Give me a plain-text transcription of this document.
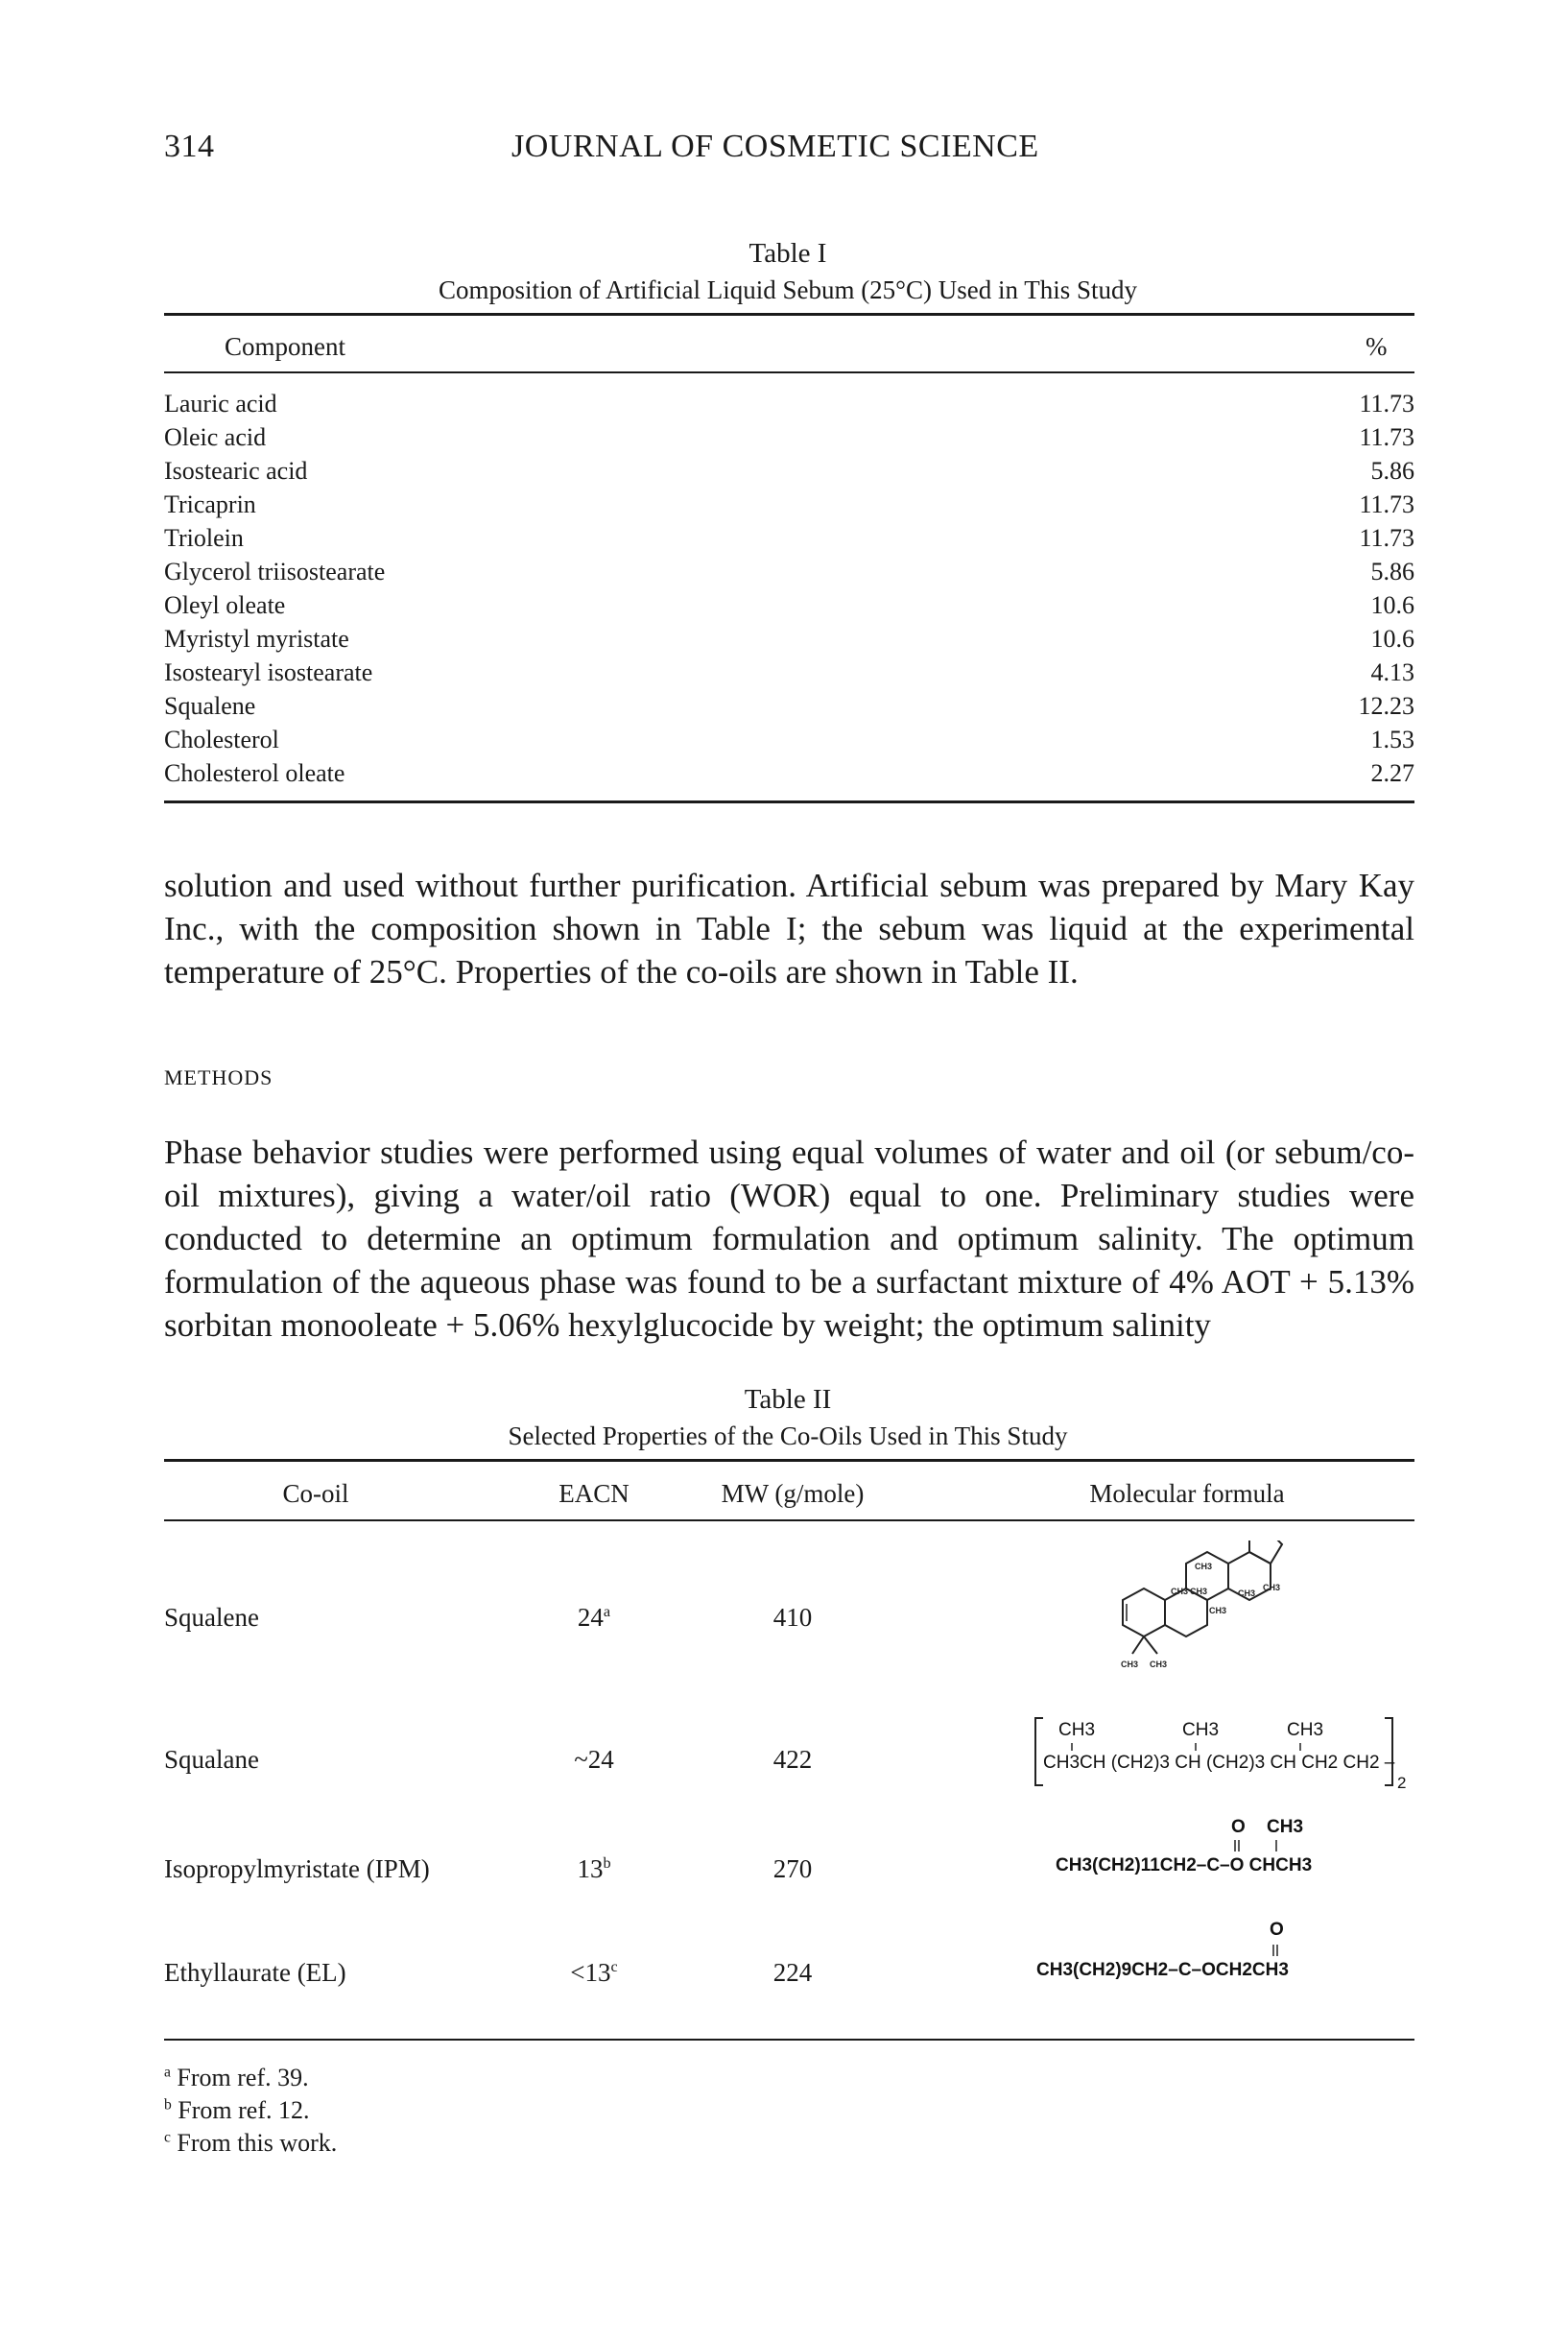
314	JOURNAL OF COSMETIC SCIENCE
Table I
Composition of Artificial Liquid Sebum (25°C) Used in This Study
Component	%
Lauric acid	11.73
Oleic acid	11.73
Isostearic acid	5.86
Tricaprin	11.73
Triolein	11.73
Glycerol triisostearate	5.86
Oleyl oleate	10.6
Myristyl myristate	10.6
Isostearyl isostearate	4.13
Squalene	12.23
Cholesterol	1.53
Cholesterol oleate	2.27

solution and used without further purification. Artificial sebum was prepared by Mary Kay Inc., with the composition shown in Table I; the sebum was liquid at the experimental temperature of 25°C. Properties of the co-oils are shown in Table II.

METHODS

Phase behavior studies were performed using equal volumes of water and oil (or sebum/co-oil mixtures), giving a water/oil ratio (WOR) equal to one. Preliminary studies were conducted to determine an optimum formulation and optimum salinity. The optimum formulation of the aqueous phase was found to be a surfactant mixture of 4% AOT + 5.13% sorbitan monooleate + 5.06% hexylglucocide by weight; the optimum salinity

Table II
Selected Properties of the Co-Oils Used in This Study
Co-oil	EACN	MW (g/mole)	Molecular formula
Squalene	24$^a$	410
Squalane	~24	422
Isopropylmyristate (IPM)	13$^b$	270
Ethyllaurate (EL)	$<13^c$	224
CH3
CH3 CH3
CH3
CH3
CH3
CH3 CH3
CH3	CH3	CH3
CH3CH (CH2)3 CH (CH2)3 CH CH2 CH2 –
2
O CH3
CH3(CH2)11CH2–C–O CHCH3
O
CH3(CH2)9CH2–C–OCH2CH3
$^a$ From ref. 39.
$^b$ From ref. 12.
$^c$ From this work.
